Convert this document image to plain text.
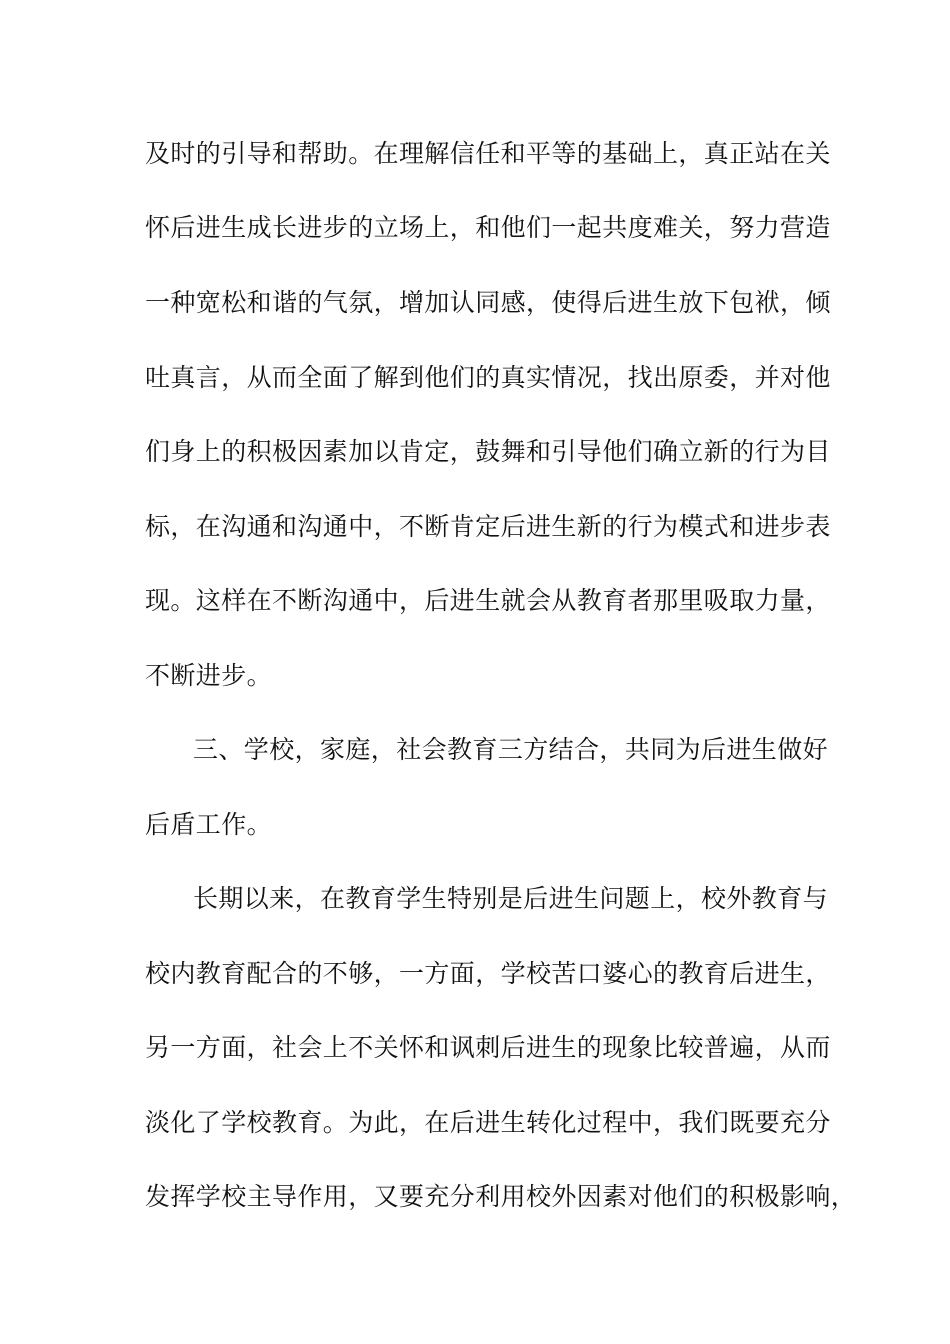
及时的引导和帮助。在理解信任和平等的基础上，真正站在关
怀后进生成长进步的立场上，和他们一起共度难关，努力营造
一种宽松和谐的气氛，增加认同感，使得后进生放下包袱，倾
吐真言，从而全面了解到他们的真实情况，找出原委，并对他
们身上的积极因素加以肯定，鼓舞和引导他们确立新的行为目
标，在沟通和沟通中，不断肯定后进生新的行为模式和进步表
现。这样在不断沟通中，后进生就会从教育者那里吸取力量，
不断进步。
三、学校，家庭，社会教育三方结合，共同为后进生做好
后盾工作。
长期以来，在教育学生特别是后进生问题上，校外教育与
校内教育配合的不够，一方面，学校苦口婆心的教育后进生，
另一方面，社会上不关怀和讽刺后进生的现象比较普遍，从而
淡化了学校教育。为此，在后进生转化过程中，我们既要充分
发挥学校主导作用，又要充分利用校外因素对他们的积极影响，
